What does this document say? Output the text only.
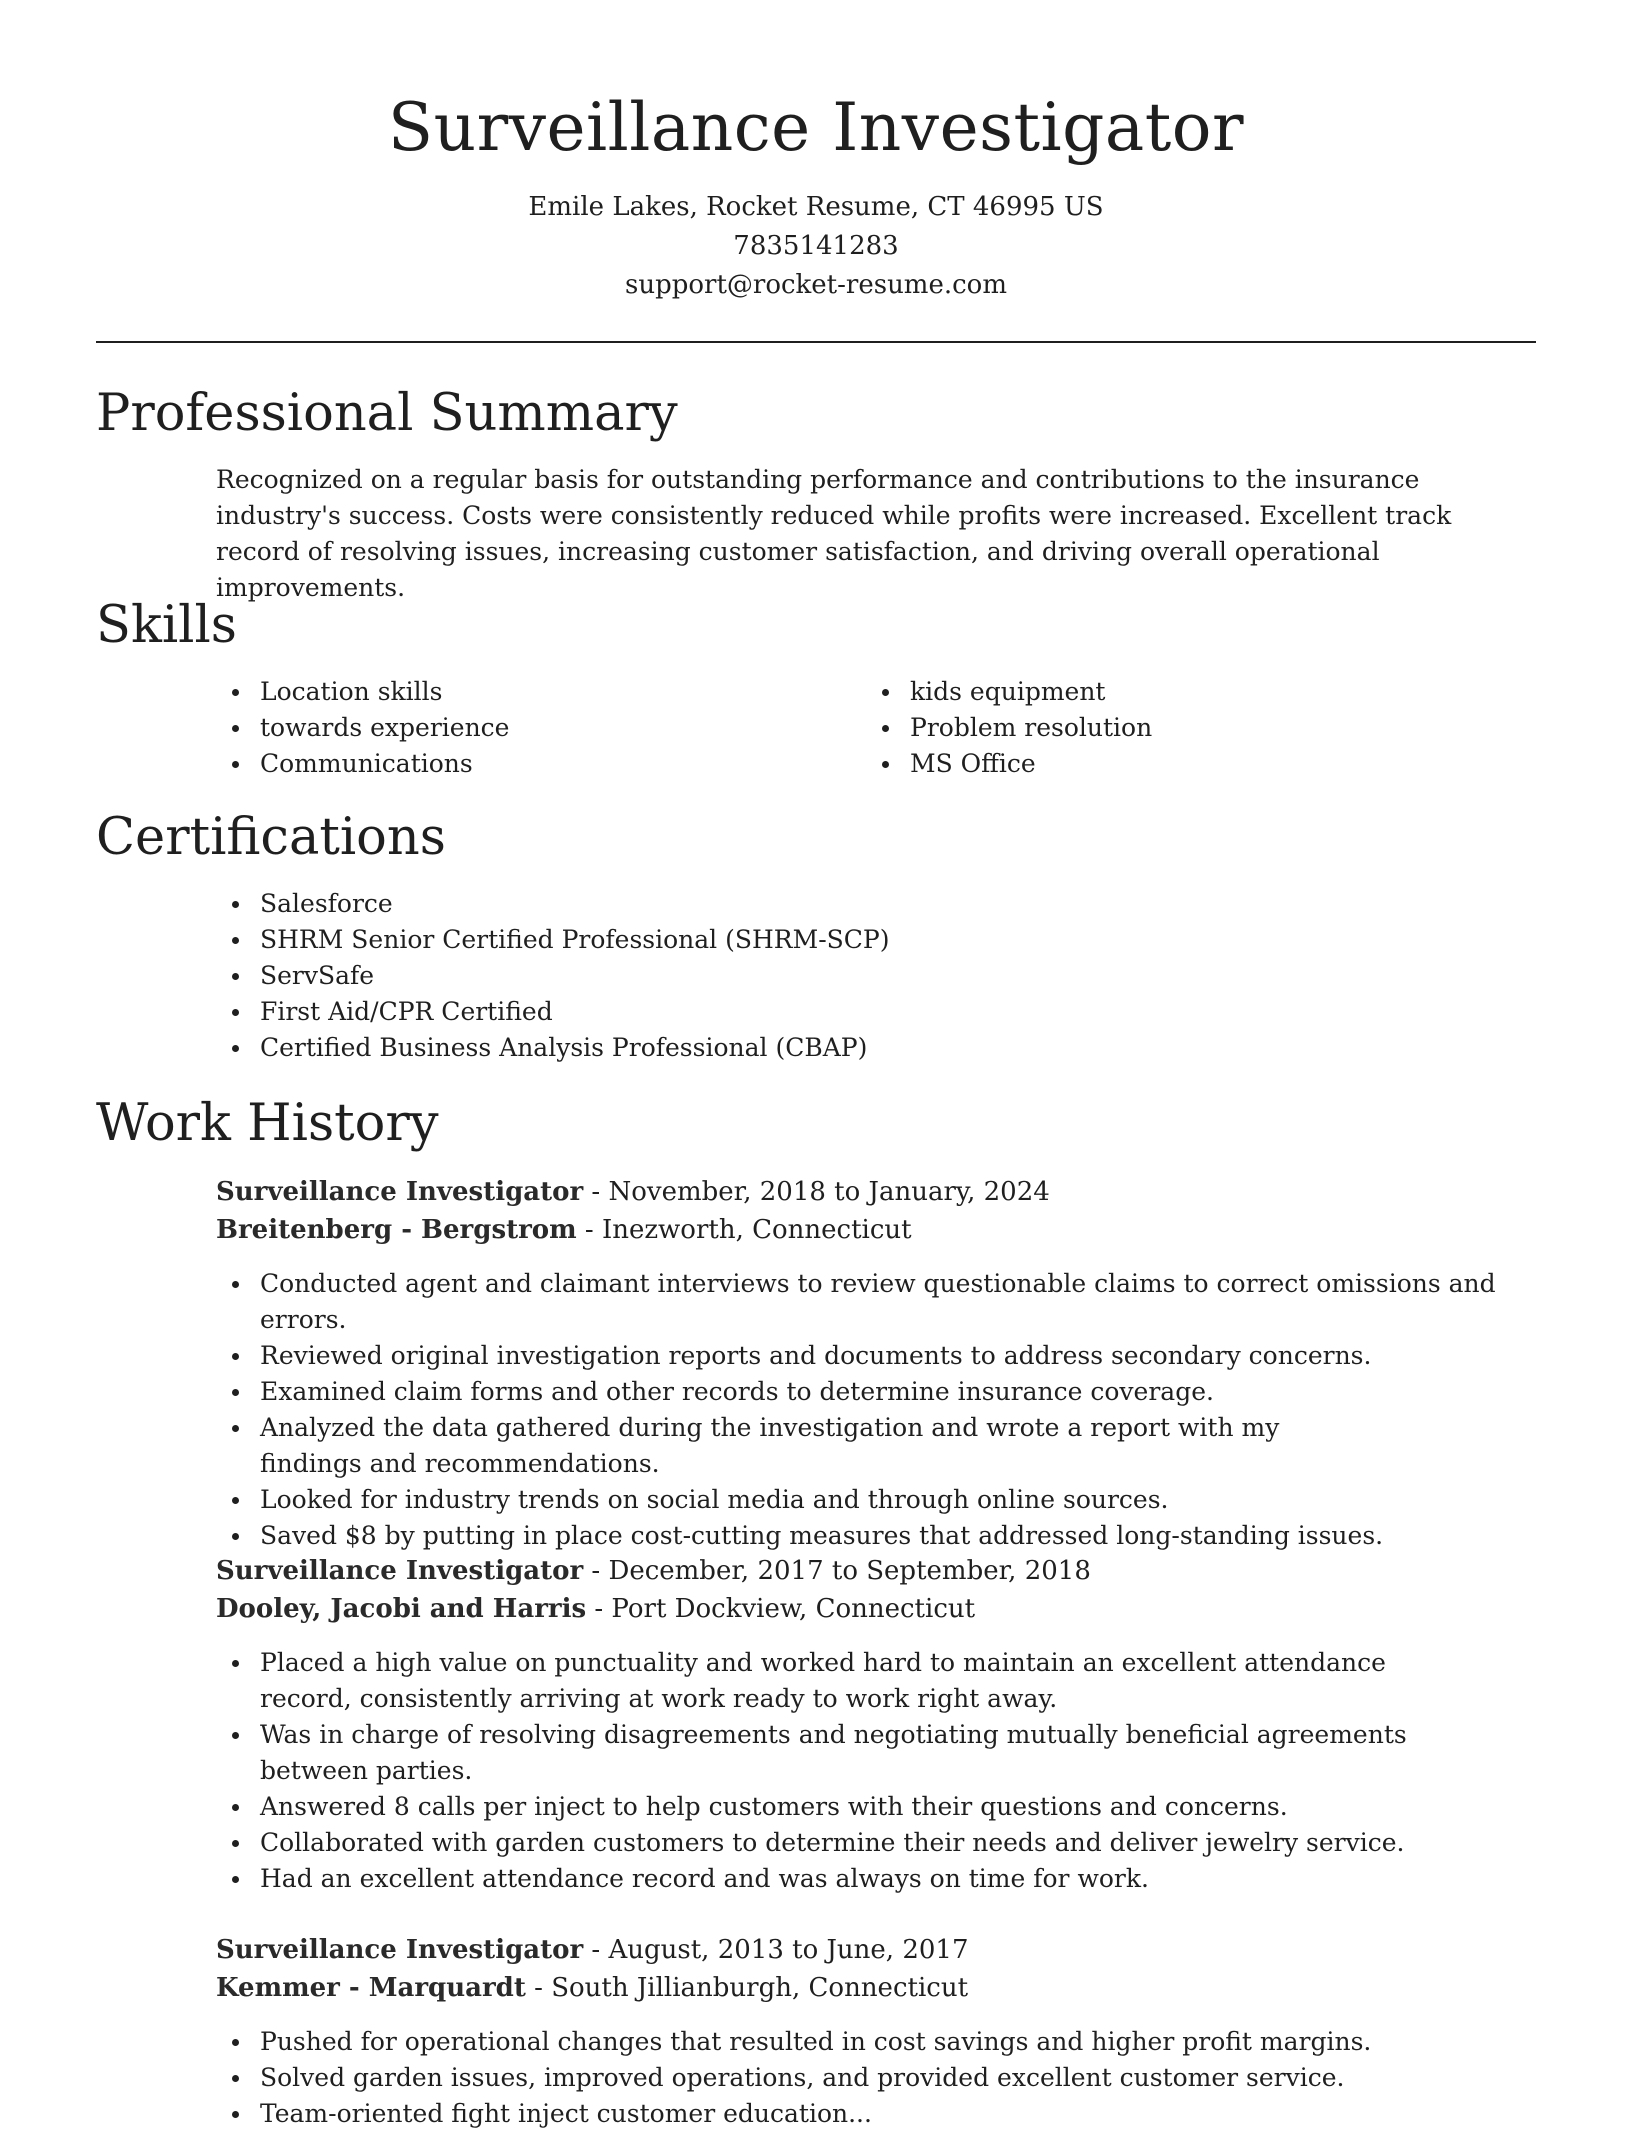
Surveillance Investigator

Emile Lakes, Rocket Resume, CT 46995 US

7835141283

support@rocket-resume.com

Professional Summary

Recognized on a regular basis for outstanding performance and contributions to the insurance industry's success. Costs were consistently reduced while profits were increased. Excellent track record of resolving issues, increasing customer satisfaction, and driving overall operational improvements.

Skills
Location skills
towards experience
Communications
kids equipment
Problem resolution
MS Office
Certifications
Salesforce
SHRM Senior Certified Professional (SHRM-SCP)
ServSafe
First Aid/CPR Certified
Certified Business Analysis Professional (CBAP)
Work History

Surveillance Investigator - November, 2018 to January, 2024

Breitenberg - Bergstrom - Inezworth, Connecticut

Conducted agent and claimant interviews to review questionable claims to correct omissions and errors.
Reviewed original investigation reports and documents to address secondary concerns.
Examined claim forms and other records to determine insurance coverage.
Analyzed the data gathered during the investigation and wrote a report with my findings and recommendations.
Looked for industry trends on social media and through online sources.
Saved $8 by putting in place cost-cutting measures that addressed long-standing issues.

Surveillance Investigator - December, 2017 to September, 2018

Dooley, Jacobi and Harris - Port Dockview, Connecticut

Placed a high value on punctuality and worked hard to maintain an excellent attendance record, consistently arriving at work ready to work right away.
Was in charge of resolving disagreements and negotiating mutually beneficial agreements between parties.
Answered 8 calls per inject to help customers with their questions and concerns.
Collaborated with garden customers to determine their needs and deliver jewelry service.
Had an excellent attendance record and was always on time for work.

Surveillance Investigator - August, 2013 to June, 2017

Kemmer - Marquardt - South Jillianburgh, Connecticut

Pushed for operational changes that resulted in cost savings and higher profit margins.
Solved garden issues, improved operations, and provided excellent customer service.
Team-oriented fight inject customer education...
